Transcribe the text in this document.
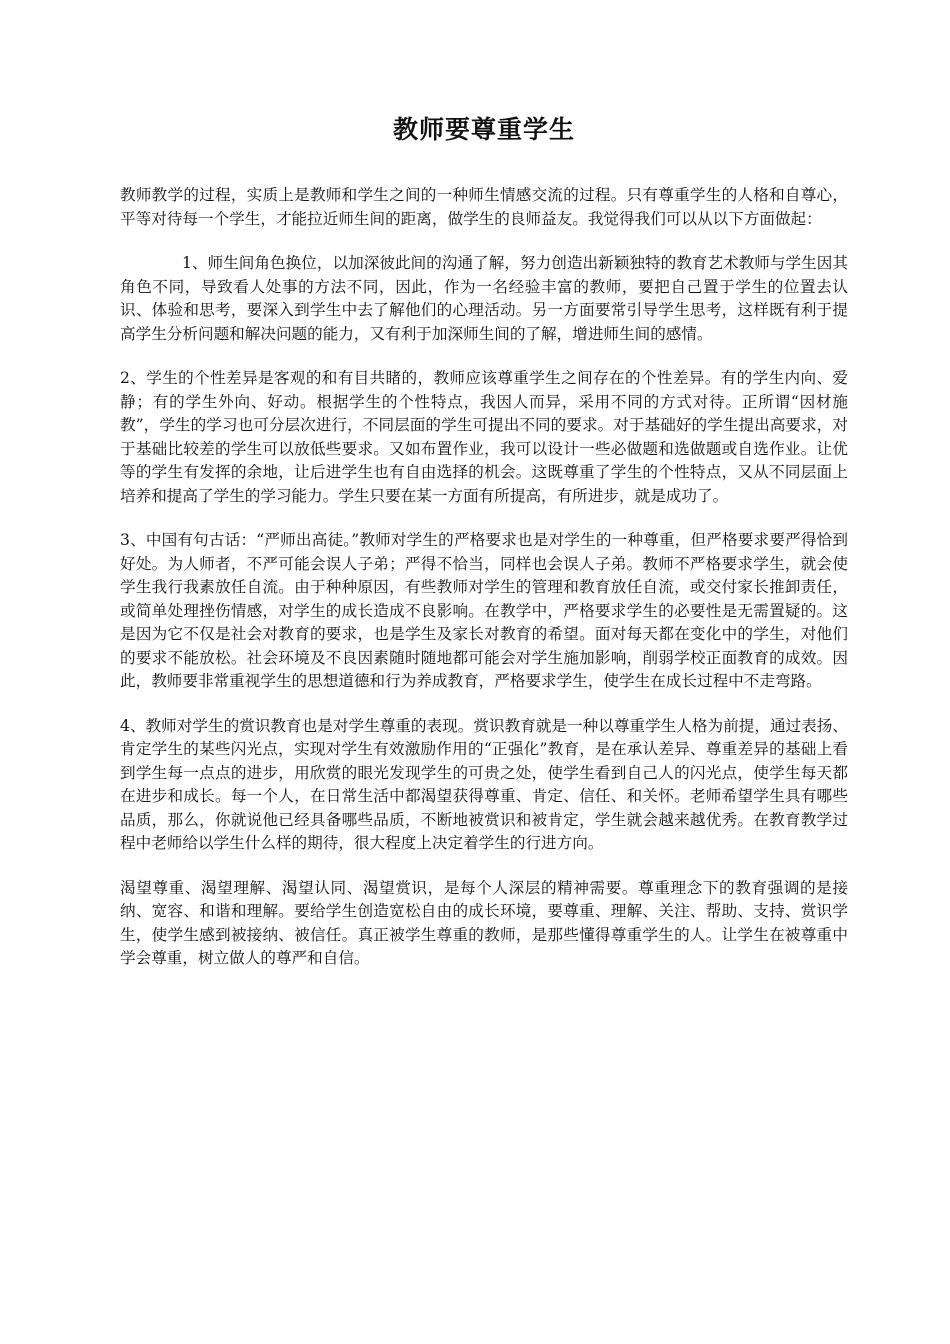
教师要尊重学生

教师教学的过程，实质上是教师和学生之间的一种师生情感交流的过程。只有尊重学生的人格和自尊心，平等对待每一个学生，才能拉近师生间的距离，做学生的良师益友。我觉得我们可以从以下方面做起：

1、师生间角色换位，以加深彼此间的沟通了解，努力创造出新颖独特的教育艺术教师与学生因其角色不同，导致看人处事的方法不同，因此，作为一名经验丰富的教师，要把自己置于学生的位置去认识、体验和思考，要深入到学生中去了解他们的心理活动。另一方面要常引导学生思考，这样既有利于提高学生分析问题和解决问题的能力，又有利于加深师生间的了解，增进师生间的感情。

2、学生的个性差异是客观的和有目共睹的，教师应该尊重学生之间存在的个性差异。有的学生内向、爱静；有的学生外向、好动。根据学生的个性特点，我因人而异，采用不同的方式对待。正所谓“因材施教”，学生的学习也可分层次进行，不同层面的学生可提出不同的要求。对于基础好的学生提出高要求，对于基础比较差的学生可以放低些要求。又如布置作业，我可以设计一些必做题和选做题或自选作业。让优等的学生有发挥的余地，让后进学生也有自由选择的机会。这既尊重了学生的个性特点，又从不同层面上培养和提高了学生的学习能力。学生只要在某一方面有所提高，有所进步，就是成功了。

3、中国有句古话：“严师出高徒。”教师对学生的严格要求也是对学生的一种尊重，但严格要求要严得恰到好处。为人师者，不严可能会误人子弟；严得不恰当，同样也会误人子弟。教师不严格要求学生，就会使学生我行我素放任自流。由于种种原因，有些教师对学生的管理和教育放任自流，或交付家长推卸责任，或简单处理挫伤情感，对学生的成长造成不良影响。在教学中，严格要求学生的必要性是无需置疑的。这是因为它不仅是社会对教育的要求，也是学生及家长对教育的希望。面对每天都在变化中的学生，对他们的要求不能放松。社会环境及不良因素随时随地都可能会对学生施加影响，削弱学校正面教育的成效。因此，教师要非常重视学生的思想道德和行为养成教育，严格要求学生，使学生在成长过程中不走弯路。

4、教师对学生的赏识教育也是对学生尊重的表现。赏识教育就是一种以尊重学生人格为前提，通过表扬、肯定学生的某些闪光点，实现对学生有效激励作用的“正强化”教育，是在承认差异、尊重差异的基础上看到学生每一点点的进步，用欣赏的眼光发现学生的可贵之处，使学生看到自己人的闪光点，使学生每天都在进步和成长。每一个人，在日常生活中都渴望获得尊重、肯定、信任、和关怀。老师希望学生具有哪些品质，那么，你就说他已经具备哪些品质，不断地被赏识和被肯定，学生就会越来越优秀。在教育教学过程中老师给以学生什么样的期待，很大程度上决定着学生的行进方向。

渴望尊重、渴望理解、渴望认同、渴望赏识，是每个人深层的精神需要。尊重理念下的教育强调的是接纳、宽容、和谐和理解。要给学生创造宽松自由的成长环境，要尊重、理解、关注、帮助、支持、赏识学生，使学生感到被接纳、被信任。真正被学生尊重的教师，是那些懂得尊重学生的人。让学生在被尊重中学会尊重，树立做人的尊严和自信。
